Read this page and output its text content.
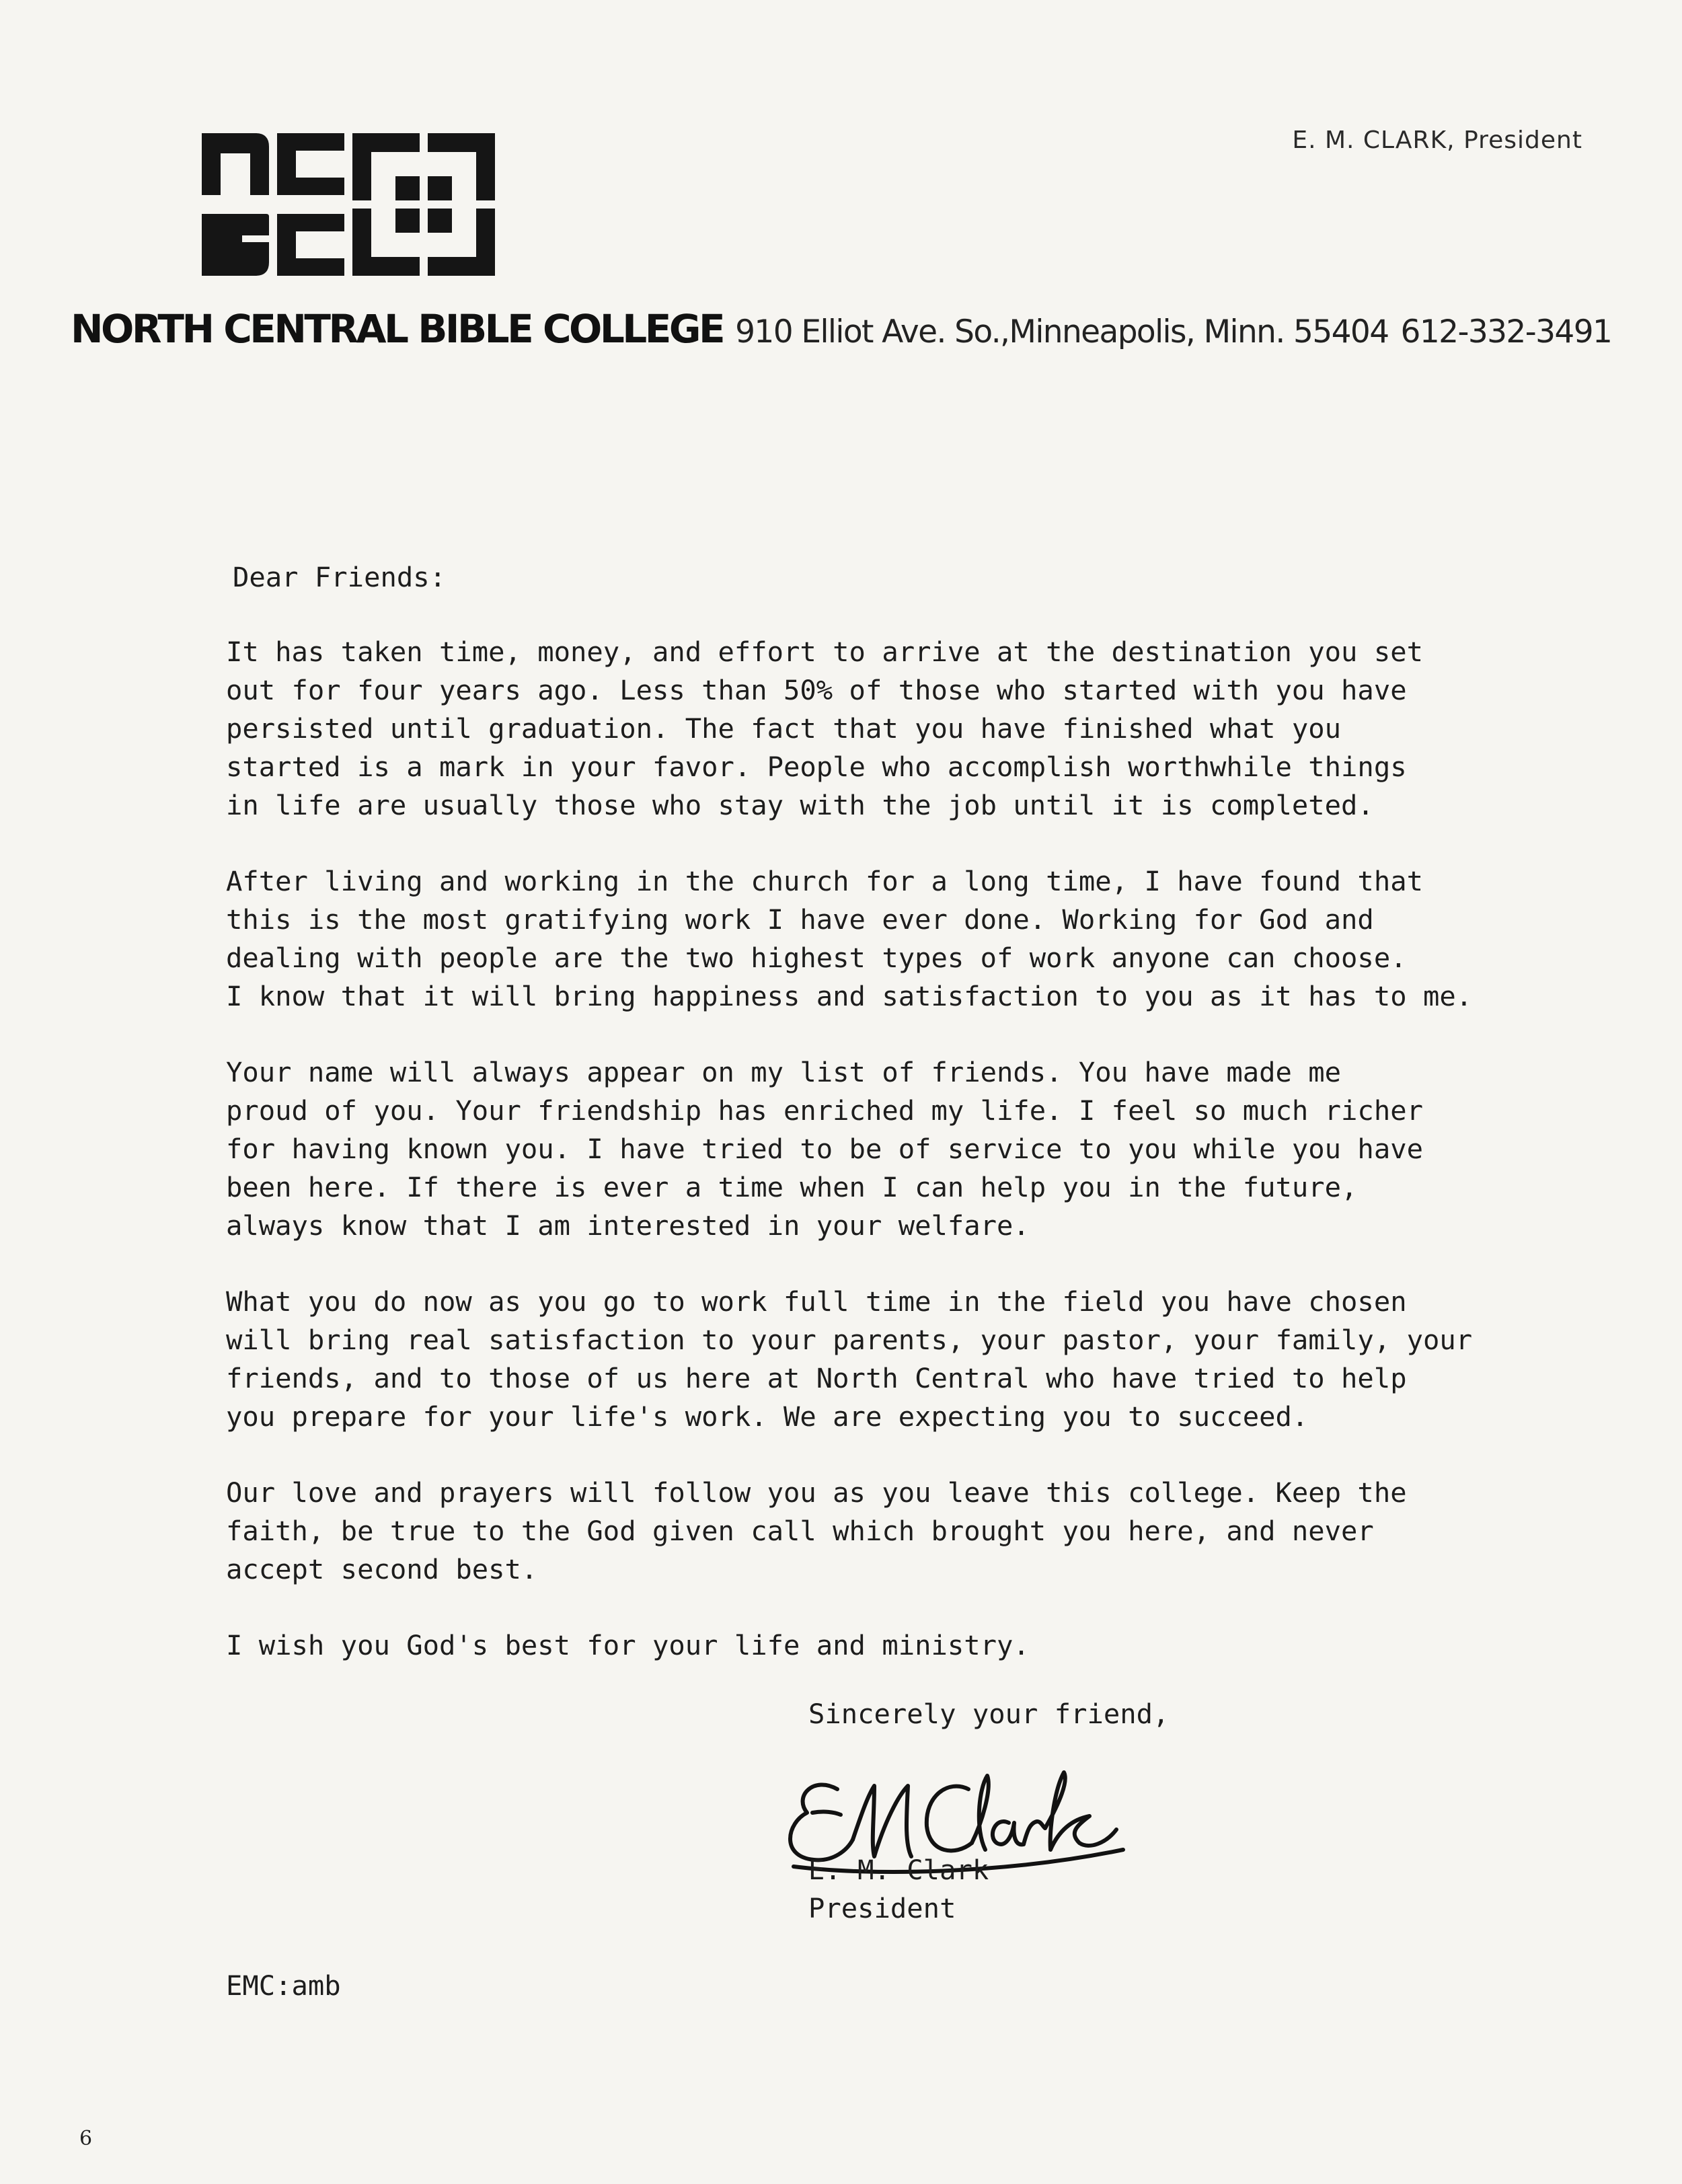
E. M. CLARK, President
NORTH CENTRAL BIBLE COLLEGE 910 Elliot Ave. So.,Minneapolis, Minn. 55404 612-332-3491
Dear Friends:
It has taken time, money, and effort to arrive at the destination you set
out for four years ago. Less than 50% of those who started with you have
persisted until graduation. The fact that you have finished what you
started is a mark in your favor. People who accomplish worthwhile things
in life are usually those who stay with the job until it is completed.
After living and working in the church for a long time, I have found that
this is the most gratifying work I have ever done. Working for God and
dealing with people are the two highest types of work anyone can choose.
I know that it will bring happiness and satisfaction to you as it has to me.
Your name will always appear on my list of friends. You have made me
proud of you. Your friendship has enriched my life. I feel so much richer
for having known you. I have tried to be of service to you while you have
been here. If there is ever a time when I can help you in the future,
always know that I am interested in your welfare.
What you do now as you go to work full time in the field you have chosen
will bring real satisfaction to your parents, your pastor, your family, your
friends, and to those of us here at North Central who have tried to help
you prepare for your life's work. We are expecting you to succeed.
Our love and prayers will follow you as you leave this college. Keep the
faith, be true to the God given call which brought you here, and never
accept second best.
I wish you God's best for your life and ministry.
Sincerely your friend,
E. M. Clark
President
EMC:amb
6
